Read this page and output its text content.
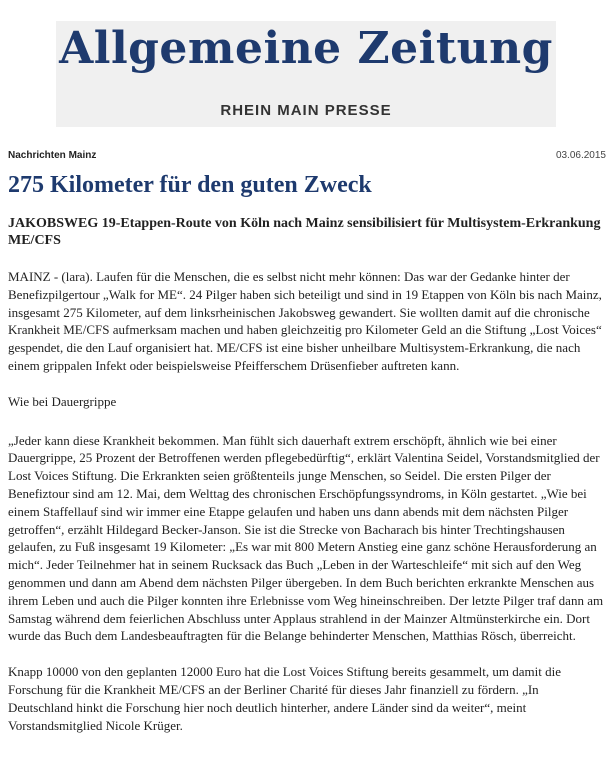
Allgemeine Zeitung
RHEIN MAIN PRESSE
Nachrichten Mainz	03.06.2015
275 Kilometer für den guten Zweck

JAKOBSWEG 19-Etappen-Route von Köln nach Mainz sensibilisiert für Multisystem-Erkrankung ME/CFS

MAINZ - (lara). Laufen für die Menschen, die es selbst nicht mehr können: Das war der Gedanke hinter der Benefizpilgertour „Walk for ME“. 24 Pilger haben sich beteiligt und sind in 19 Etappen von Köln bis nach Mainz, insgesamt 275 Kilometer, auf dem linksrheinischen Jakobsweg gewandert. Sie wollten damit auf die chronische Krankheit ME/CFS aufmerksam machen und haben gleichzeitig pro Kilometer Geld an die Stiftung „Lost Voices“ gespendet, die den Lauf organisiert hat. ME/CFS ist eine bisher unheilbare Multisystem-Erkrankung, die nach einem grippalen Infekt oder beispielsweise Pfeifferschem Drüsenfieber auftreten kann.

Wie bei Dauergrippe

„Jeder kann diese Krankheit bekommen. Man fühlt sich dauerhaft extrem erschöpft, ähnlich wie bei einer Dauergrippe, 25 Prozent der Betroffenen werden pflegebedürftig“, erklärt Valentina Seidel, Vorstandsmitglied der Lost Voices Stiftung. Die Erkrankten seien größtenteils junge Menschen, so Seidel. Die ersten Pilger der Benefiztour sind am 12. Mai, dem Welttag des chronischen Erschöpfungssyndroms, in Köln gestartet. „Wie bei einem Staffellauf sind wir immer eine Etappe gelaufen und haben uns dann abends mit dem nächsten Pilger getroffen“, erzählt Hildegard Becker-Janson. Sie ist die Strecke von Bacharach bis hinter Trechtingshausen gelaufen, zu Fuß insgesamt 19 Kilometer: „Es war mit 800 Metern Anstieg eine ganz schöne Herausforderung an mich“. Jeder Teilnehmer hat in seinem Rucksack das Buch „Leben in der Warteschleife“ mit sich auf den Weg genommen und dann am Abend dem nächsten Pilger übergeben. In dem Buch berichten erkrankte Menschen aus ihrem Leben und auch die Pilger konnten ihre Erlebnisse vom Weg hineinschreiben. Der letzte Pilger traf dann am Samstag während dem feierlichen Abschluss unter Applaus strahlend in der Mainzer Altmünsterkirche ein. Dort wurde das Buch dem Landesbeauftragten für die Belange behinderter Menschen, Matthias Rösch, überreicht.

Knapp 10000 von den geplanten 12000 Euro hat die Lost Voices Stiftung bereits gesammelt, um damit die Forschung für die Krankheit ME/CFS an der Berliner Charité für dieses Jahr finanziell zu fördern. „In Deutschland hinkt die Forschung hier noch deutlich hinterher, andere Länder sind da weiter“, meint Vorstandsmitglied Nicole Krüger.
